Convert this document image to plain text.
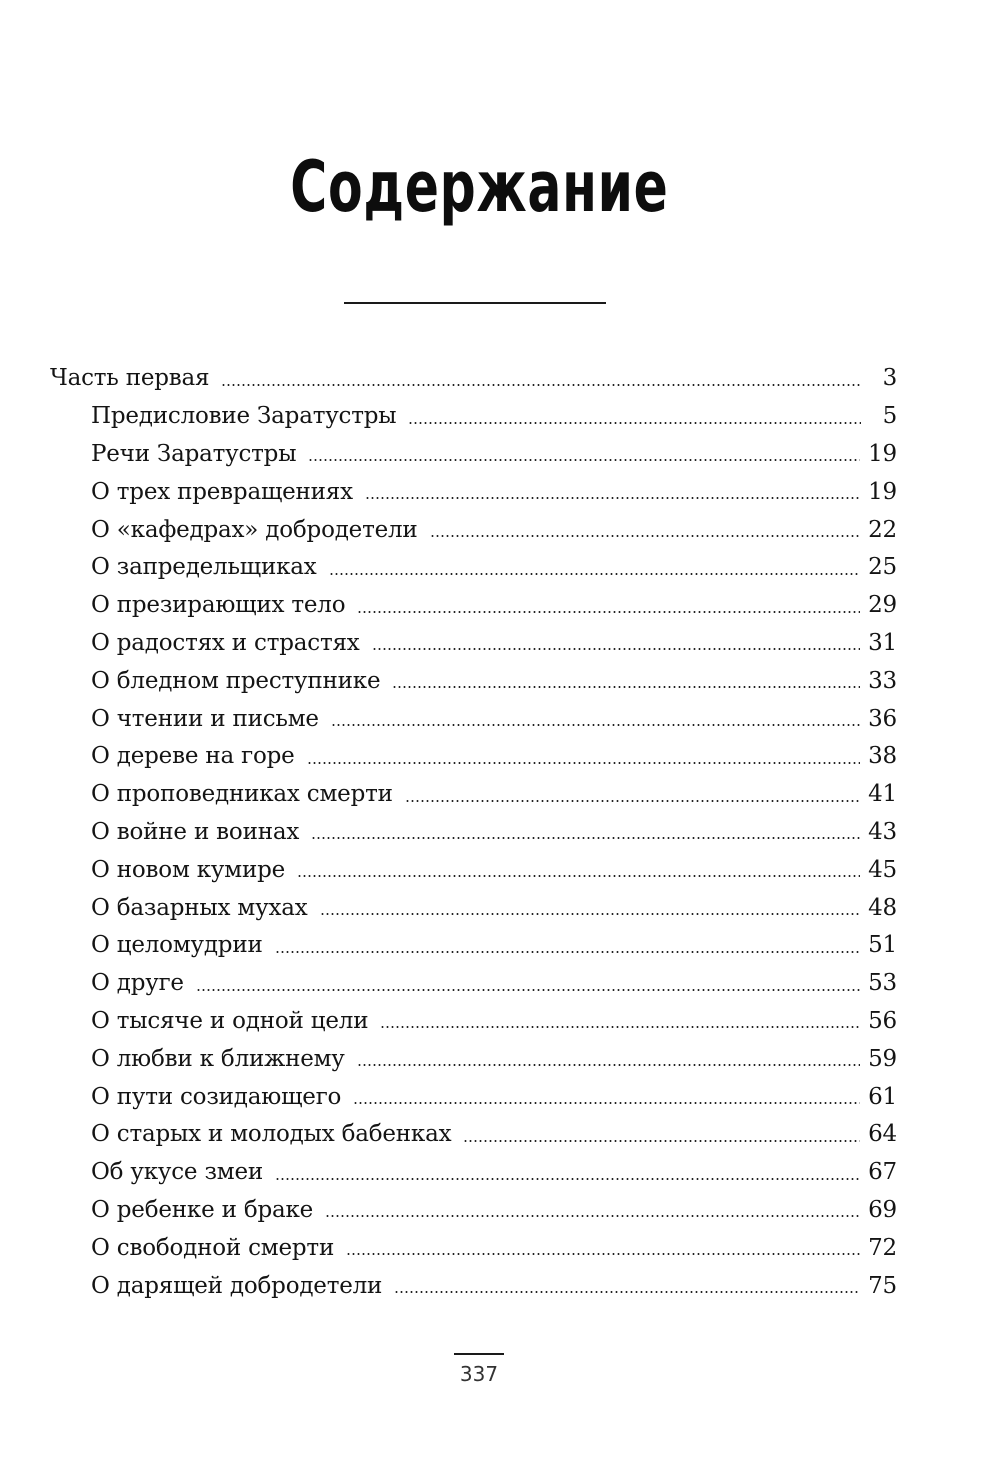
Содержание
Часть первая	3
Предисловие Заратустры	5
Речи Заратустры	19
О трех превращениях	19
О «кафедрах» добродетели	22
О запредельщиках	25
О презирающих тело	29
О радостях и страстях	31
О бледном преступнике	33
О чтении и письме	36
О дереве на горе	38
О проповедниках смерти	41
О войне и воинах	43
О новом кумире	45
О базарных мухах	48
О целомудрии	51
О друге	53
О тысяче и одной цели	56
О любви к ближнему	59
О пути созидающего	61
О старых и молодых бабенках	64
Об укусе змеи	67
О ребенке и браке	69
О свободной смерти	72
О дарящей добродетели	75
337
